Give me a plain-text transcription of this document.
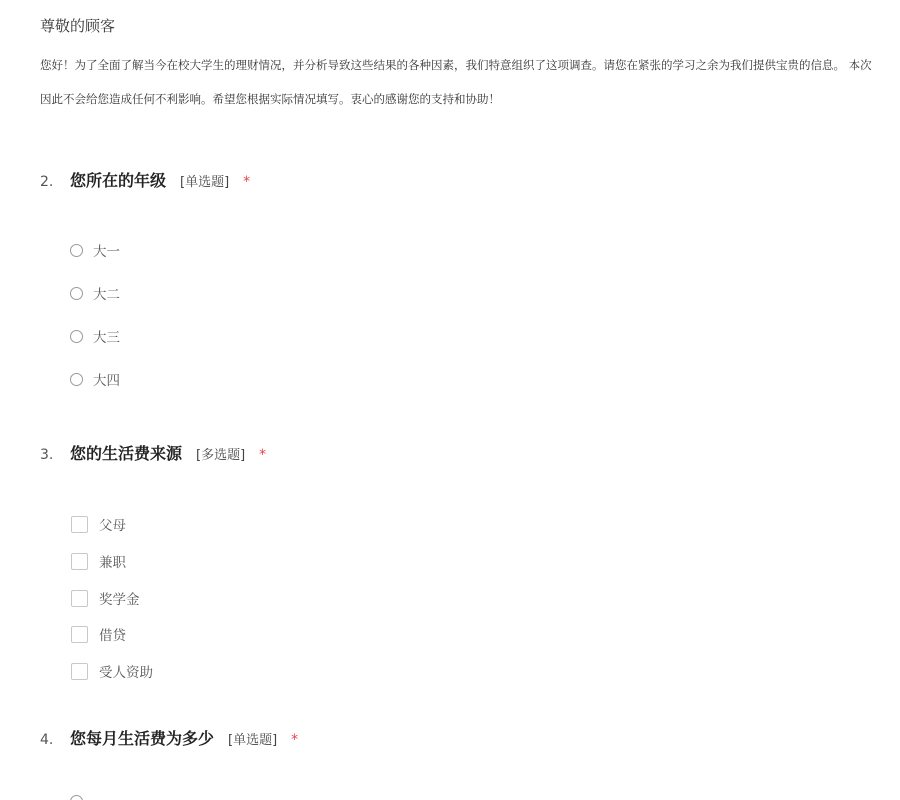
尊敬的顾客
您好！为了全面了解当今在校大学生的理财情况，并分析导致这些结果的各种因素，我们特意组织了这项调查。请您在紧张的学习之余为我们提供宝贵的信息。 本次
因此不会给您造成任何不利影响。希望您根据实际情况填写。衷心的感谢您的支持和协助！
2.	您所在的年级 [单选题] *
大一
大二
大三
大四
3.	您的生活费来源 [多选题] *
父母
兼职
奖学金
借贷
受人资助
4.	您每月生活费为多少 [单选题] *
